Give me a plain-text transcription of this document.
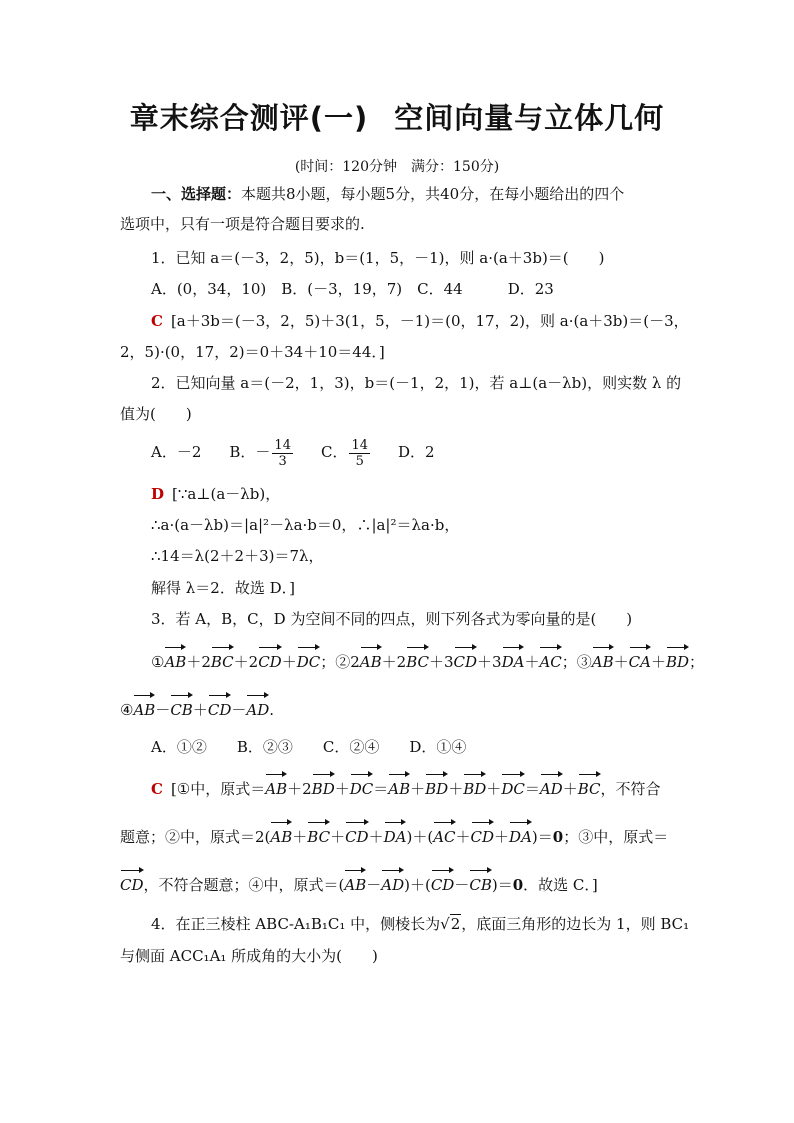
章末综合测评(一) 空间向量与立体几何
(时间：120分钟 满分：150分)
一、选择题：本题共8小题，每小题5分，共40分，在每小题给出的四个
选项中，只有一项是符合题目要求的.
1．已知 a＝(－3，2，5)，b＝(1，5，－1)，则 a·(a＋3b)＝(　　)
A．(0，34，10)　B．(－3，19，7)　C．44　　　D．23
C [a＋3b＝(－3，2，5)＋3(1，5，－1)＝(0，17，2)，则 a·(a＋3b)＝(－3，
2，5)·(0，17，2)＝0＋34＋10＝44．]
2．已知向量 a＝(－2，1，3)，b＝(－1，2，1)，若 a⊥(a－λb)，则实数 λ 的
值为(　　)
A．－2 B．－ $\frac{14}{3}$ C． $\frac{14}{5}$ D．2
D [∵a⊥(a－λb)，
∴a·(a－λb)＝|a|²－λa·b＝0，∴|a|²＝λa·b，
∴14＝λ(2＋2＋3)＝7λ，
解得 λ＝2．故选 D．]
3．若 A，B，C，D 为空间不同的四点，则下列各式为零向量的是(　　)
①AB＋2BC＋2CD＋DC；②2AB＋2BC＋3CD＋3DA＋AC；③AB＋CA＋BD；
④AB－CB＋CD－AD.
A．①②　　B．②③　　C．②④　　D．①④
C [①中，原式＝AB＋2BD＋DC＝AB＋BD＋BD＋DC＝AD＋BC，不符合
题意；②中，原式＝2(AB＋BC＋CD＋DA)＋(AC＋CD＋DA)＝0；③中，原式＝
CD，不符合题意；④中，原式＝(AB－AD)＋(CD－CB)＝0．故选 C．]
4．在正三棱柱 ABC-A₁B₁C₁ 中，侧棱长为√2，底面三角形的边长为 1，则 BC₁
与侧面 ACC₁A₁ 所成角的大小为(　　)
